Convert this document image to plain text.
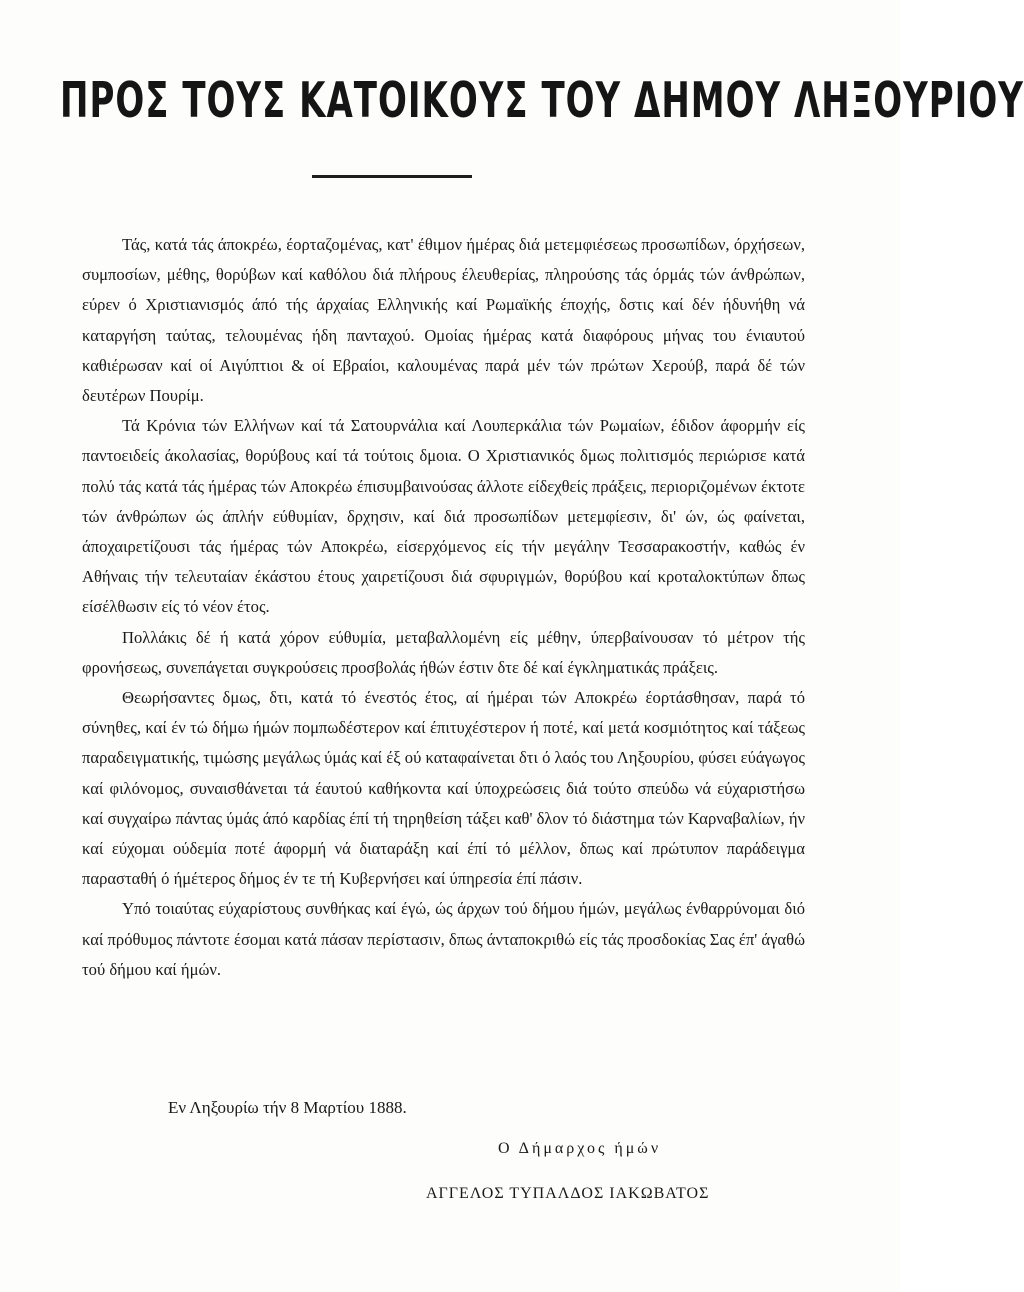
ΠΡΟΣ ΤΟΥΣ ΚΑΤΟΙΚΟΥΣ ΤΟΥ ΔΗΜΟΥ ΛΗΞΟΥΡΙΟΥ

Τάς, κατά τάς άποκρέω, έορταζομένας, κατ' έθιμον ήμέρας διά μετεμφιέσεως προσωπίδων, όρχήσεων, συμποσίων, μέθης, θορύβων καί καθόλου διά πλήρους έλευθερίας, πληρούσης τάς όρμάς τών άνθρώπων, εύρεν ό Χριστιανισμός άπό τής άρχαίας Ελληνικής καί Ρωμαϊκής έποχής, δστις καί δέν ήδυνήθη νά καταργήση ταύτας, τελουμένας ήδη πανταχού. Ομοίας ήμέρας κατά διαφόρους μήνας του ένιαυτού καθιέρωσαν καί οί Αιγύπτιοι & οί Εβραίοι, καλουμένας παρά μέν τών πρώτων Χερούβ, παρά δέ τών δευτέρων Πουρίμ.

Τά Κρόνια τών Ελλήνων καί τά Σατουρνάλια καί Λουπερκάλια τών Ρωμαίων, έδιδον άφορμήν είς παντοειδείς άκολασίας, θορύβους καί τά τούτοις δμοια. Ο Χριστιανικός δμως πολιτισμός περιώρισε κατά πολύ τάς κατά τάς ήμέρας τών Αποκρέω έπισυμβαινούσας άλλοτε είδεχθείς πράξεις, περιοριζομένων έκτοτε τών άνθρώπων ώς άπλήν εύθυμίαν, δρχησιν, καί διά προσωπίδων μετεμφίεσιν, δι' ών, ώς φαίνεται, άποχαιρετίζουσι τάς ήμέρας τών Αποκρέω, είσερχόμενος είς τήν μεγάλην Τεσσαρακοστήν, καθώς έν Αθήναις τήν τελευταίαν έκάστου έτους χαιρετίζουσι διά σφυριγμών, θορύβου καί κροταλοκτύπων δπως είσέλθωσιν είς τό νέον έτος.

Πολλάκις δέ ή κατά χόρον εύθυμία, μεταβαλλομένη είς μέθην, ύπερβαίνουσαν τό μέτρον τής φρονήσεως, συνεπάγεται συγκρούσεις προσβολάς ήθών έστιν δτε δέ καί έγκληματικάς πράξεις.

Θεωρήσαντες δμως, δτι, κατά τό ένεστός έτος, αί ήμέραι τών Αποκρέω έορτάσθησαν, παρά τό σύνηθες, καί έν τώ δήμω ήμών πομπωδέστερον καί έπιτυχέστερον ή ποτέ, καί μετά κοσμιότητος καί τάξεως παραδειγματικής, τιμώσης μεγάλως ύμάς καί έξ ού καταφαίνεται δτι ό λαός του Ληξουρίου, φύσει εύάγωγος καί φιλόνομος, συναισθάνεται τά έαυτού καθήκοντα καί ύποχρεώσεις διά τούτο σπεύδω νά εύχαριστήσω καί συγχαίρω πάντας ύμάς άπό καρδίας έπί τή τηρηθείση τάξει καθ' δλον τό διάστημα τών Καρναβαλίων, ήν καί εύχομαι ούδεμία ποτέ άφορμή νά διαταράξη καί έπί τό μέλλον, δπως καί πρώτυπον παράδειγμα παρασταθή ό ήμέτερος δήμος έν τε τή Κυβερνήσει καί ύπηρεσία έπί πάσιν.

Υπό τοιαύτας εύχαρίστους συνθήκας καί έγώ, ώς άρχων τού δήμου ήμών, μεγάλως ένθαρρύνομαι διό καί πρόθυμος πάντοτε έσομαι κατά πάσαν περίστασιν, δπως άνταποκριθώ είς τάς προσδοκίας Σας έπ' άγαθώ τού δήμου καί ήμών.

Εν Ληξουρίω τήν 8 Μαρτίου 1888.
Ο Δήμαρχος ήμών
ΑΓΓΕΛΟΣ ΤΥΠΑΛΔΟΣ ΙΑΚΩΒΑΤΟΣ
